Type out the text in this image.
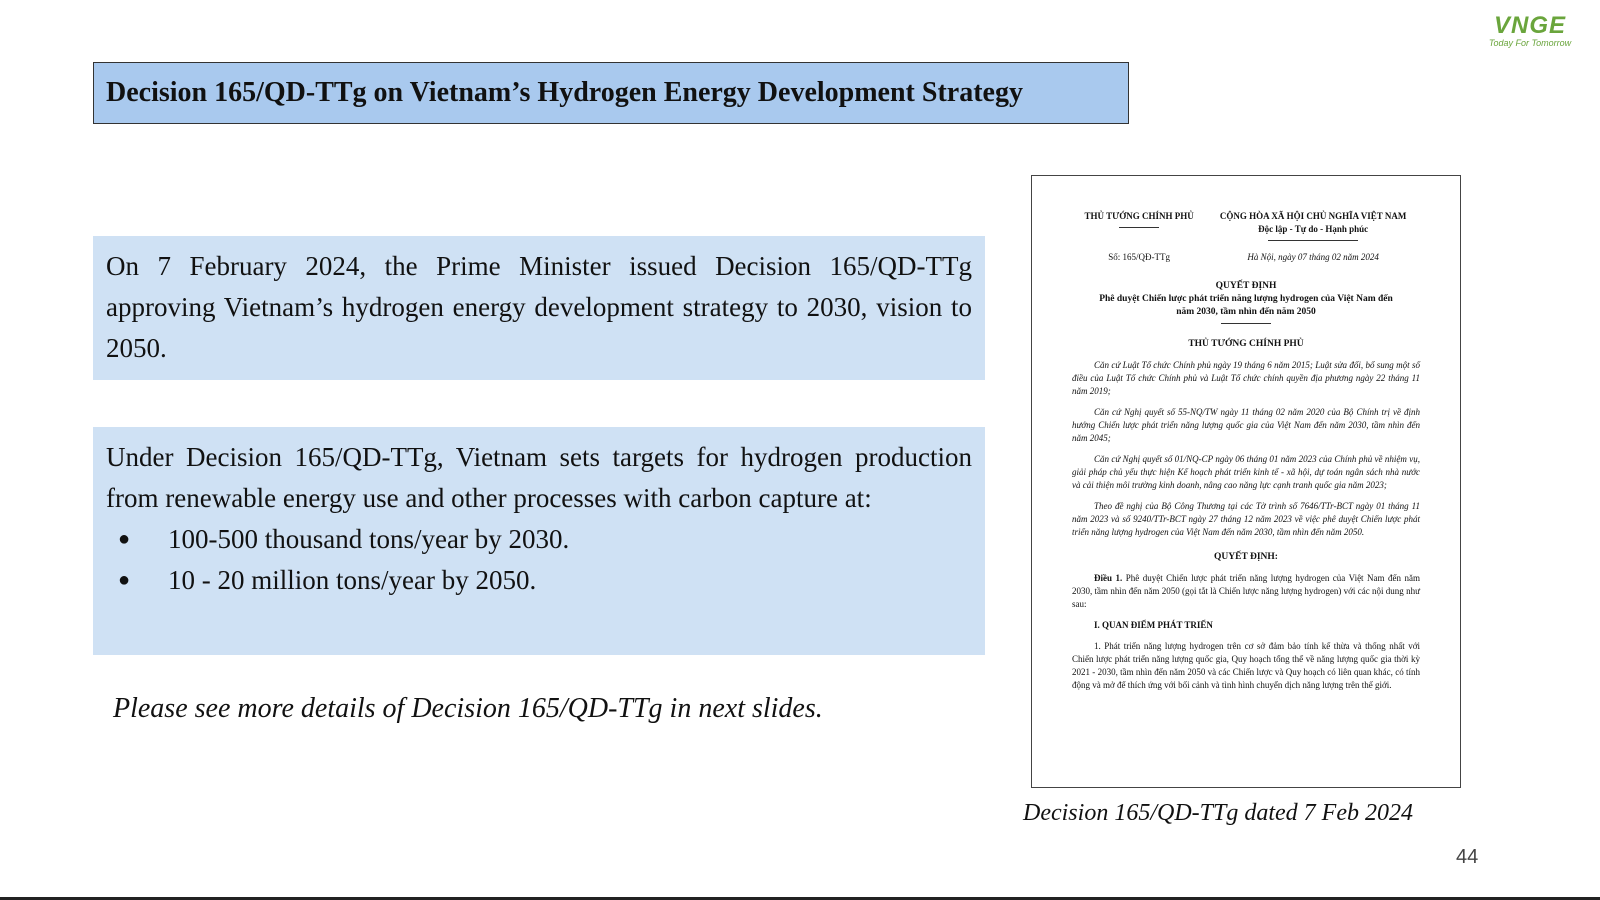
VNGE
Today For Tomorrow
Decision 165/QD-TTg on Vietnam’s Hydrogen Energy Development Strategy

On 7 February 2024, the Prime Minister issued Decision 165/QD-TTg approving Vietnam’s hydrogen energy development strategy to 2030, vision to 2050.

Under Decision 165/QD-TTg, Vietnam sets targets for hydrogen production from renewable energy use and other processes with carbon capture at:

● 100-500 thousand tons/year by 2030.
● 10 - 20 million tons/year by 2050.
Please see more details of Decision 165/QD-TTg in next slides.
THỦ TƯỚNG CHÍNH PHỦ	CỘNG HÒA XÃ HỘI CHỦ NGHĨA VIỆT NAM
Độc lập - Tự do - Hạnh phúc
Số: 165/QĐ-TTg	Hà Nội, ngày 07 tháng 02 năm 2024
QUYẾT ĐỊNH
Phê duyệt Chiến lược phát triển năng lượng hydrogen của Việt Nam đến năm 2030, tầm nhìn đến năm 2050
THỦ TƯỚNG CHÍNH PHỦ

Căn cứ Luật Tổ chức Chính phủ ngày 19 tháng 6 năm 2015; Luật sửa đổi, bổ sung một số điều của Luật Tổ chức Chính phủ và Luật Tổ chức chính quyền địa phương ngày 22 tháng 11 năm 2019;

Căn cứ Nghị quyết số 55-NQ/TW ngày 11 tháng 02 năm 2020 của Bộ Chính trị về định hướng Chiến lược phát triển năng lượng quốc gia của Việt Nam đến năm 2030, tầm nhìn đến năm 2045;

Căn cứ Nghị quyết số 01/NQ-CP ngày 06 tháng 01 năm 2023 của Chính phủ về nhiệm vụ, giải pháp chủ yếu thực hiện Kế hoạch phát triển kinh tế - xã hội, dự toán ngân sách nhà nước và cải thiện môi trường kinh doanh, nâng cao năng lực cạnh tranh quốc gia năm 2023;

Theo đề nghị của Bộ Công Thương tại các Tờ trình số 7646/TTr-BCT ngày 01 tháng 11 năm 2023 và số 9240/TTr-BCT ngày 27 tháng 12 năm 2023 về việc phê duyệt Chiến lược phát triển năng lượng hydrogen của Việt Nam đến năm 2030, tầm nhìn đến năm 2050.

QUYẾT ĐỊNH:

Điều 1. Phê duyệt Chiến lược phát triển năng lượng hydrogen của Việt Nam đến năm 2030, tầm nhìn đến năm 2050 (gọi tắt là Chiến lược năng lượng hydrogen) với các nội dung như sau:

I. QUAN ĐIỂM PHÁT TRIỂN

1. Phát triển năng lượng hydrogen trên cơ sở đảm bảo tính kế thừa và thống nhất với Chiến lược phát triển năng lượng quốc gia, Quy hoạch tổng thể về năng lượng quốc gia thời kỳ 2021 - 2030, tầm nhìn đến năm 2050 và các Chiến lược và Quy hoạch có liên quan khác, có tính động và mở để thích ứng với bối cảnh và tình hình chuyển dịch năng lượng trên thế giới.

Decision 165/QD-TTg dated 7 Feb 2024
44
